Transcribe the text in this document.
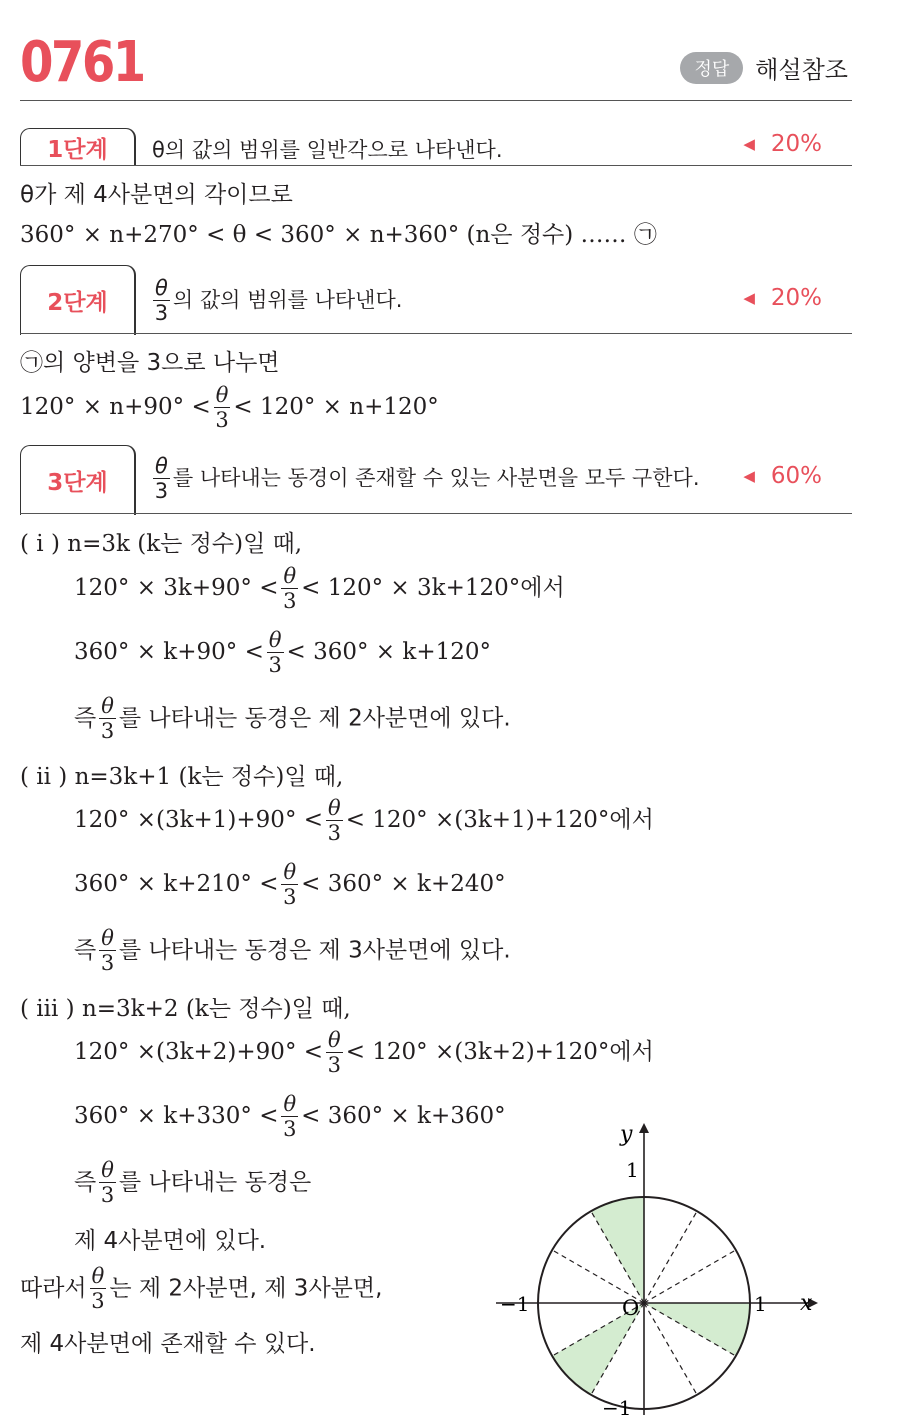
0761	정답	해설참조
1단계	θ의 값의 범위를 일반각으로 나타낸다.	◀ 20%
θ가 제 4사분면의 각이므로
360° × n+270° < θ < 360° × n+360° (n은 정수) …… ㉠
2단계	$\frac{\theta}{3}$ 의 값의 범위를 나타낸다.	◀ 20%
㉠의 양변을 3으로 나누면
$120^\circ \times n+90^\circ < \frac{\theta}{3} < 120^\circ \times n+120^\circ$
3단계	$\frac{\theta}{3}$ 를 나타내는 동경이 존재할 수 있는 사분면을 모두 구한다.	◀ 60%
( i ) n=3k (k는 정수)일 때,
$120^\circ \times 3k+90^\circ < \frac{\theta}{3} < 120^\circ \times 3k+120^\circ$에서
$360^\circ \times k+90^\circ < \frac{\theta}{3} < 360^\circ \times k+120^\circ$
즉 $\frac{\theta}{3}$ 를 나타내는 동경은 제 2사분면에 있다.
( ii ) n=3k+1 (k는 정수)일 때,
$120^\circ \times(3k+1)+90^\circ < \frac{\theta}{3} < 120^\circ \times(3k+1)+120^\circ$에서
$360^\circ \times k+210^\circ < \frac{\theta}{3} < 360^\circ \times k+240^\circ$
즉 $\frac{\theta}{3}$ 를 나타내는 동경은 제 3사분면에 있다.
( iii ) n=3k+2 (k는 정수)일 때,
$120^\circ \times(3k+2)+90^\circ < \frac{\theta}{3} < 120^\circ \times(3k+2)+120^\circ$에서
$360^\circ \times k+330^\circ < \frac{\theta}{3} < 360^\circ \times k+360^\circ$
즉 $\frac{\theta}{3}$ 를 나타내는 동경은
제 4사분면에 있다.
따라서 $\frac{\theta}{3}$ 는 제 2사분면, 제 3사분면,
제 4사분면에 존재할 수 있다.
y
x
O
1
−1
1
−1
